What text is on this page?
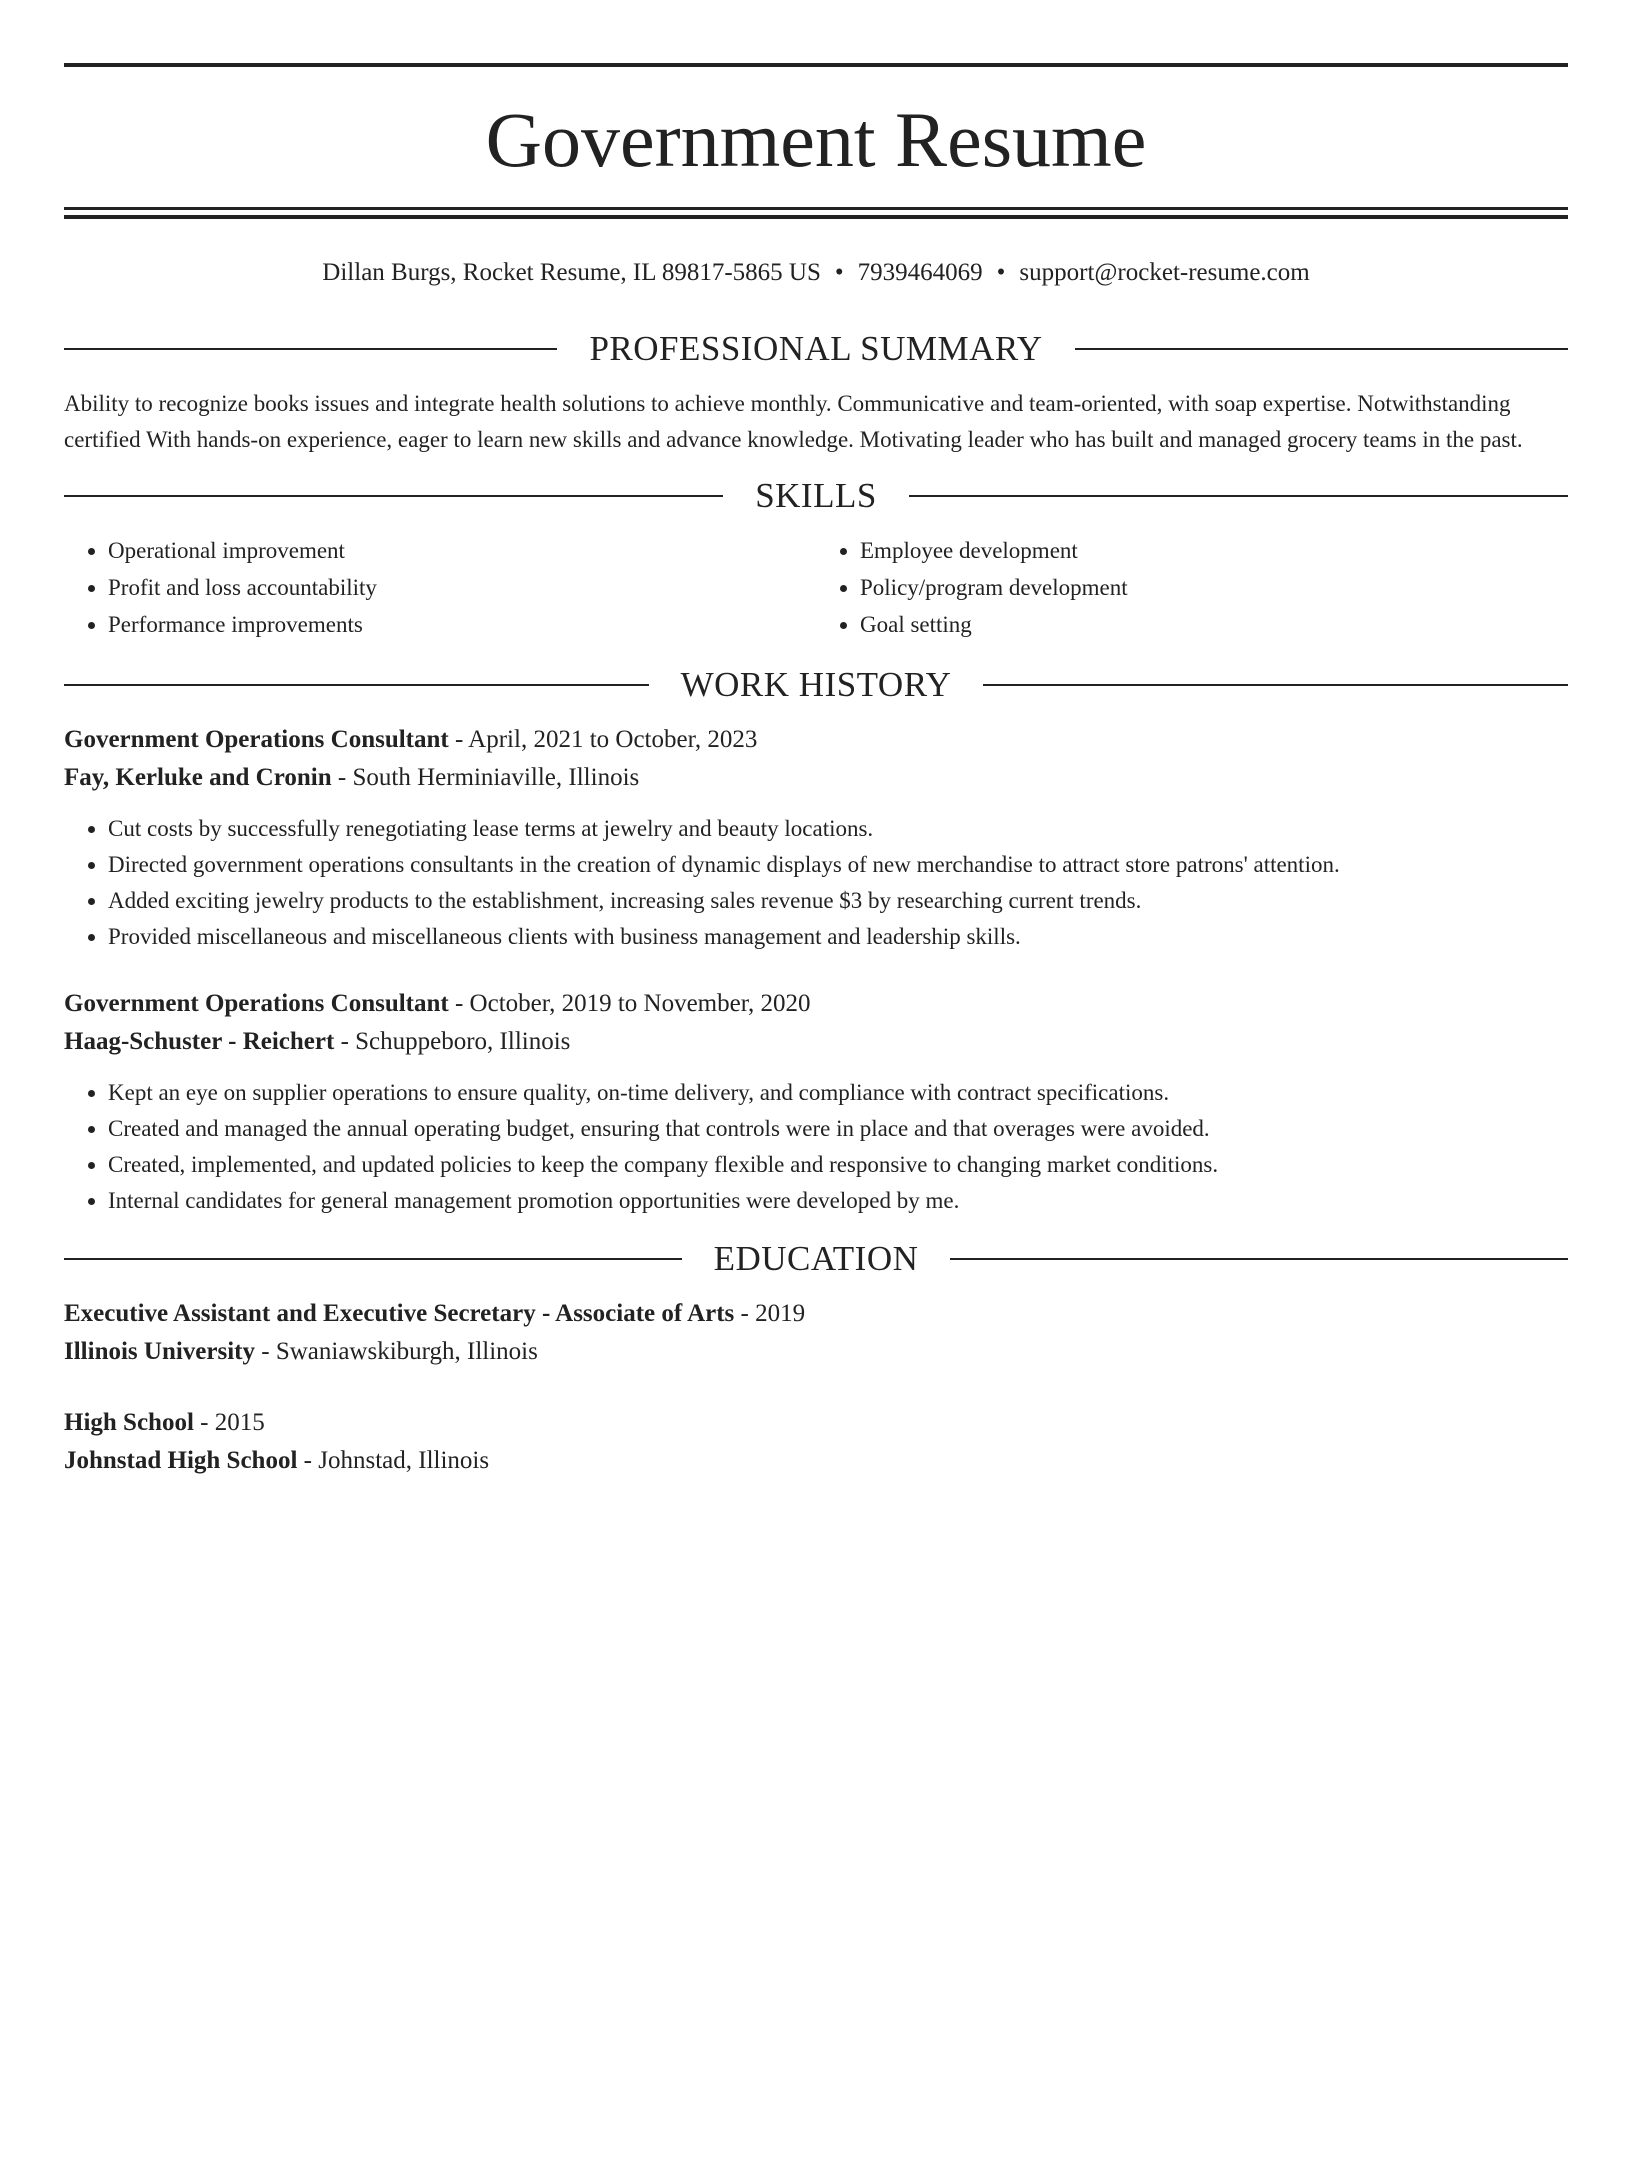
Government Resume
Dillan Burgs, Rocket Resume, IL 89817-5865 US • 7939464069 • support@rocket-resume.com
PROFESSIONAL SUMMARY

Ability to recognize books issues and integrate health solutions to achieve monthly. Communicative and team-oriented, with soap expertise. Notwithstanding certified With hands-on experience, eager to learn new skills and advance knowledge. Motivating leader who has built and managed grocery teams in the past.

SKILLS
• Operational improvement
• Profit and loss accountability
• Performance improvements
• Employee development
• Policy/program development
• Goal setting
WORK HISTORY
Government Operations Consultant - April, 2021 to October, 2023
Fay, Kerluke and Cronin - South Herminiaville, Illinois
• Cut costs by successfully renegotiating lease terms at jewelry and beauty locations.
• Directed government operations consultants in the creation of dynamic displays of new merchandise to attract store patrons' attention.
• Added exciting jewelry products to the establishment, increasing sales revenue $3 by researching current trends.
• Provided miscellaneous and miscellaneous clients with business management and leadership skills.
Government Operations Consultant - October, 2019 to November, 2020
Haag-Schuster - Reichert - Schuppeboro, Illinois
• Kept an eye on supplier operations to ensure quality, on-time delivery, and compliance with contract specifications.
• Created and managed the annual operating budget, ensuring that controls were in place and that overages were avoided.
• Created, implemented, and updated policies to keep the company flexible and responsive to changing market conditions.
• Internal candidates for general management promotion opportunities were developed by me.
EDUCATION
Executive Assistant and Executive Secretary - Associate of Arts - 2019
Illinois University - Swaniawskiburgh, Illinois
High School - 2015
Johnstad High School - Johnstad, Illinois
